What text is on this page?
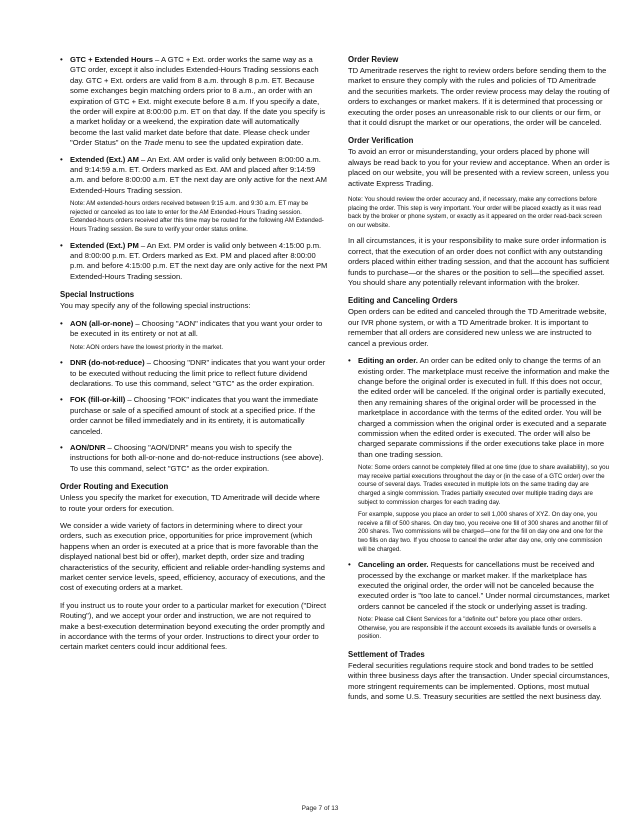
• GTC + Extended Hours – A GTC + Ext. order works the same way as a GTC order, except it also includes Extended-Hours Trading sessions each day. GTC + Ext. orders are valid from 8 a.m. through 8 p.m. ET. Because some exchanges begin matching orders prior to 8 a.m., an order with an expiration of GTC + Ext. might execute before 8 a.m. If you specify a date, the order will expire at 8:00:00 p.m. ET on that day. If the date you specify is a market holiday or a weekend, the expiration date will automatically become the last valid market date before that date. Please check under "Order Status" on the Trade menu to see the updated expiration date.

• Extended (Ext.) AM – An Ext. AM order is valid only between 8:00:00 a.m. and 9:14:59 a.m. ET. Orders marked as Ext. AM and placed after 9:14:59 a.m. and before 8:00:00 a.m. ET the next day are only active for the next AM Extended-Hours Trading session.

Note: AM extended-hours orders received between 9:15 a.m. and 9:30 a.m. ET may be rejected or canceled as too late to enter for the AM Extended-Hours Trading session. Extended-hours orders received after this time may be routed for the following AM Extended-Hours Trading session. Be sure to verify your order status online.

• Extended (Ext.) PM – An Ext. PM order is valid only between 4:15:00 p.m. and 8:00:00 p.m. ET. Orders marked as Ext. PM and placed after 8:00:00 p.m. and before 4:15:00 p.m. ET the next day are only active for the next PM Extended-Hours Trading session.

Special Instructions

You may specify any of the following special instructions:

• AON (all-or-none) – Choosing "AON" indicates that you want your order to be executed in its entirety or not at all.

Note: AON orders have the lowest priority in the market.

• DNR (do-not-reduce) – Choosing "DNR" indicates that you want your order to be executed without reducing the limit price to reflect future dividend declarations. To use this command, select "GTC" as the order expiration.

• FOK (fill-or-kill) – Choosing "FOK" indicates that you want the immediate purchase or sale of a specified amount of stock at a specified price. If the order cannot be filled immediately and in its entirety, it is automatically canceled.

• AON/DNR – Choosing "AON/DNR" means you wish to specify the instructions for both all-or-none and do-not-reduce instructions (see above). To use this command, select "GTC" as the order expiration.

Order Routing and Execution

Unless you specify the market for execution, TD Ameritrade will decide where to route your orders for execution.

We consider a wide variety of factors in determining where to direct your orders, such as execution price, opportunities for price improvement (which happens when an order is executed at a price that is more favorable than the displayed national best bid or offer), market depth, order size and trading characteristics of the security, efficient and reliable order-handling systems and market center service levels, speed, efficiency, accuracy of executions, and the cost of executing orders at a market.

If you instruct us to route your order to a particular market for execution ("Direct Routing"), and we accept your order and instruction, we are not required to make a best-execution determination beyond executing the order promptly and in accordance with the terms of your order. Instructions to direct your order to certain market centers could incur additional fees.

Order Review

TD Ameritrade reserves the right to review orders before sending them to the market to ensure they comply with the rules and policies of TD Ameritrade and the securities markets. The order review process may delay the routing of orders to exchanges or market makers. If it is determined that processing or executing the order poses an unreasonable risk to our clients or our firm, or that it could disrupt the market or our operations, the order will be canceled.

Order Verification

To avoid an error or misunderstanding, your orders placed by phone will always be read back to you for your review and acceptance. When an order is placed on our website, you will be presented with a review screen, unless you activate Express Trading.

Note: You should review the order accuracy and, if necessary, make any corrections before placing the order. This step is very important. Your order will be placed exactly as it was read back by the broker or phone system, or exactly as it appeared on the order read-back screen on our website.

In all circumstances, it is your responsibility to make sure order information is correct, that the execution of an order does not conflict with any outstanding orders placed within either trading session, and that the account has sufficient funds to purchase—or the shares or the position to sell—the specified asset. You should share any potentially relevant information with the broker.

Editing and Canceling Orders

Open orders can be edited and canceled through the TD Ameritrade website, our IVR phone system, or with a TD Ameritrade broker. It is important to remember that all orders are considered new unless we are instructed to cancel a previous order.

• Editing an order. An order can be edited only to change the terms of an existing order. The marketplace must receive the information and make the change before the original order is executed in full. If this does not occur, the edited order will be canceled. If the original order is partially executed, then any remaining shares of the original order will be processed in the marketplace in accordance with the terms of the edited order. You will be charged a commission when the original order is executed and a separate commission when the edited order is executed. The order will also be charged separate commissions if the order executions take place in more than one trading session.

Note: Some orders cannot be completely filled at one time (due to share availability), so you may receive partial executions throughout the day or (in the case of a GTC order) over the course of several days. Trades executed in multiple lots on the same trading day are charged a single commission. Trades partially executed over multiple trading days are subject to commission charges for each trading day.

For example, suppose you place an order to sell 1,000 shares of XYZ. On day one, you receive a fill of 500 shares. On day two, you receive one fill of 300 shares and another fill of 200 shares. Two commissions will be charged—one for the fill on day one and one for the two fills on day two. If you choose to cancel the order after day one, only one commission will be charged.

• Canceling an order. Requests for cancellations must be received and processed by the exchange or market maker. If the marketplace has executed the original order, the order will not be canceled because the executed order is "too late to cancel." Under normal circumstances, market orders cannot be canceled if the stock or underlying asset is trading.

Note: Please call Client Services for a "definite out" before you place other orders. Otherwise, you are responsible if the account exceeds its available funds or oversells a position.

Settlement of Trades

Federal securities regulations require stock and bond trades to be settled within three business days after the transaction. Under special circumstances, more stringent requirements can be implemented. Options, most mutual funds, and some U.S. Treasury securities are settled the next business day.

Page 7 of 13
